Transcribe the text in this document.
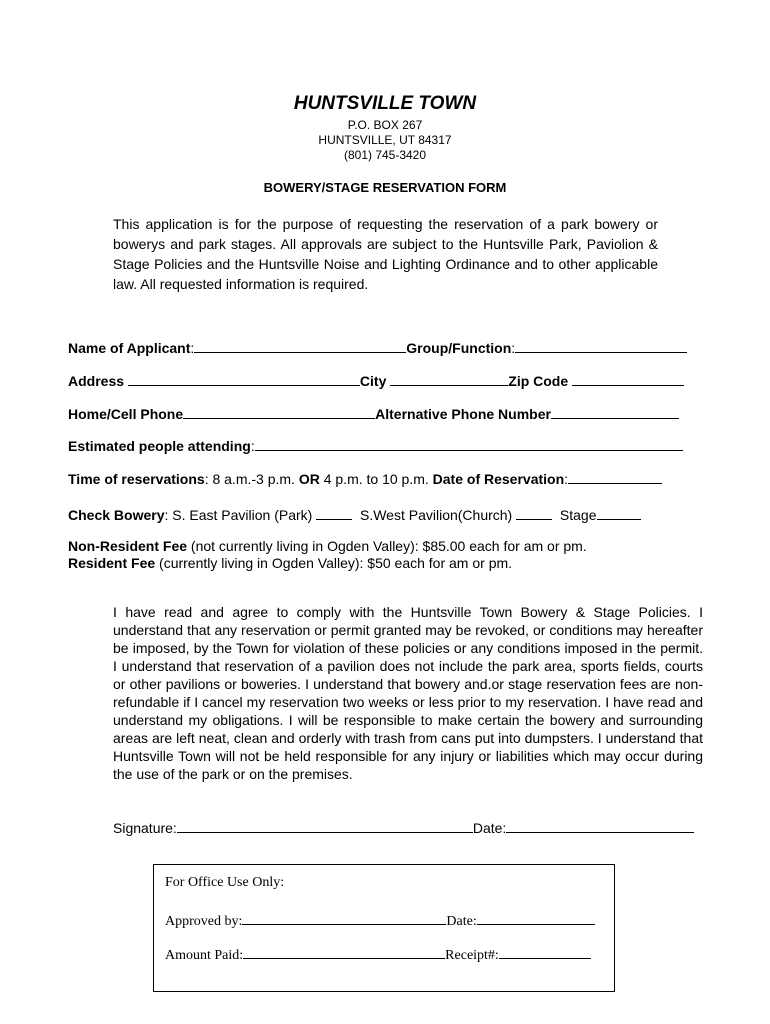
HUNTSVILLE TOWN
P.O. BOX 267
HUNTSVILLE, UT 84317
(801) 745-3420
BOWERY/STAGE RESERVATION FORM
This application is for the purpose of requesting the reservation of a park bowery or bowerys and park stages. All approvals are subject to the Huntsville Park, Paviolion & Stage Policies and the Huntsville Noise and Lighting Ordinance and to other applicable law. All requested information is required.
Name of Applicant:	Group/Function:
Address	City	Zip Code
Home/Cell Phone	Alternative Phone Number
Estimated people attending:
Time of reservations: 8 a.m.-3 p.m. OR 4 p.m. to 10 p.m. Date of Reservation:
Check Bowery: S. East Pavilion (Park)	S.West Pavilion(Church)	Stage
Non-Resident Fee (not currently living in Ogden Valley): $85.00 each for am or pm.
Resident Fee (currently living in Ogden Valley): $50 each for am or pm.
I have read and agree to comply with the Huntsville Town Bowery & Stage Policies. I understand that any reservation or permit granted may be revoked, or conditions may hereafter be imposed, by the Town for violation of these policies or any conditions imposed in the permit. I understand that reservation of a pavilion does not include the park area, sports fields, courts or other pavilions or boweries. I understand that bowery and.or stage reservation fees are non-refundable if I cancel my reservation two weeks or less prior to my reservation. I have read and understand my obligations. I will be responsible to make certain the bowery and surrounding areas are left neat, clean and orderly with trash from cans put into dumpsters. I understand that Huntsville Town will not be held responsible for any injury or liabilities which may occur during the use of the park or on the premises.
Signature:	Date:
For Office Use Only:
Approved by:	Date:
Amount Paid:	Receipt#:
